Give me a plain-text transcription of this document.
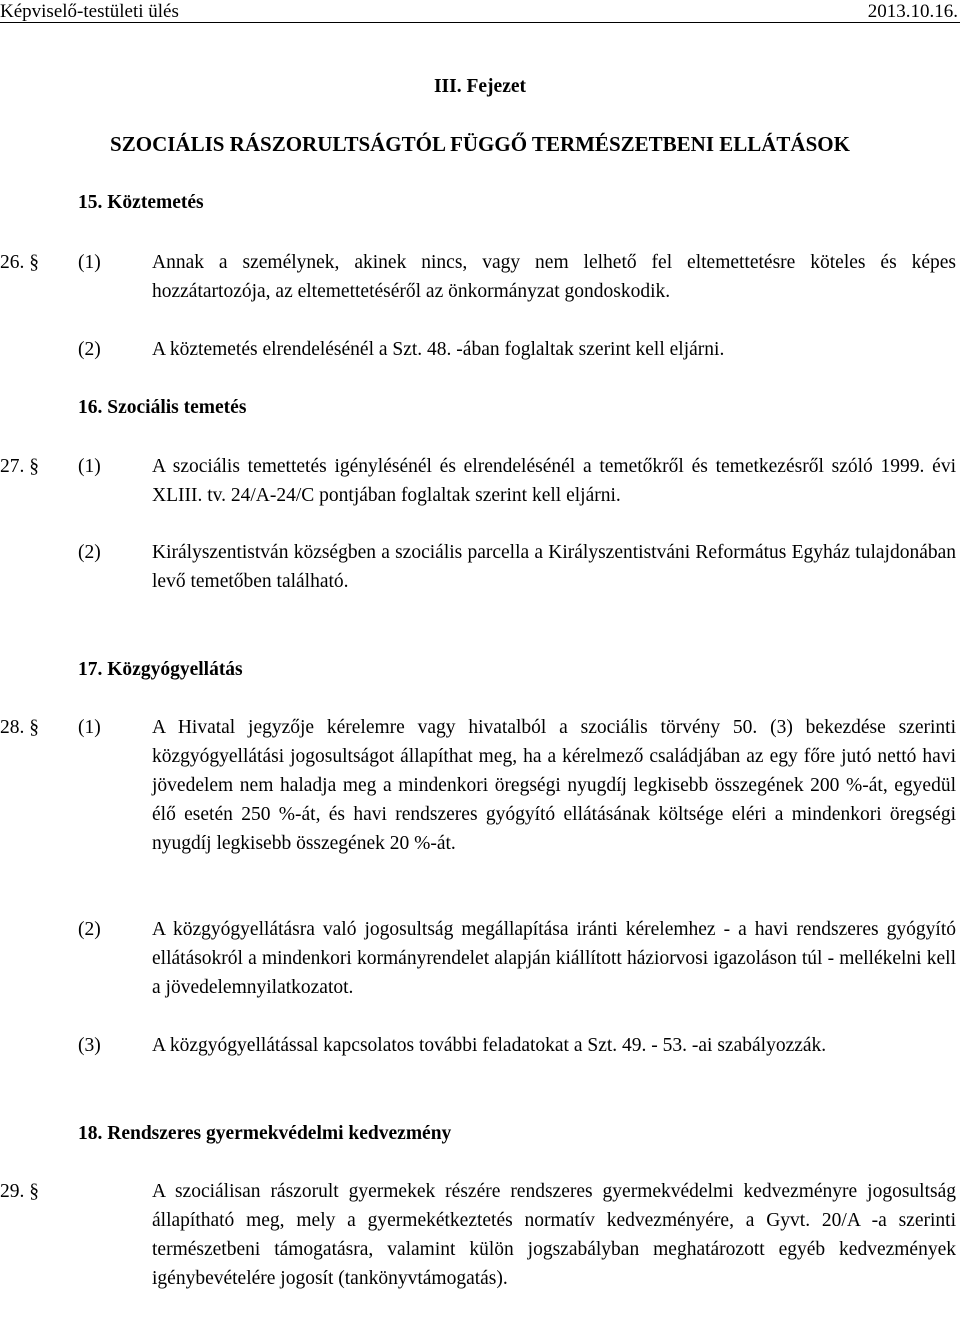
Képviselő-testületi ülés	2013.10.16.
III. Fejezet
SZOCIÁLIS RÁSZORULTSÁGTÓL FÜGGŐ TERMÉSZETBENI ELLÁTÁSOK
15. Köztemetés
26. § (1)	Annak a személynek, akinek nincs, vagy nem lelhető fel eltemettetésre köteles és képes hozzátartozója, az eltemettetéséről az önkormányzat gondoskodik.
(2)	A köztemetés elrendelésénél a Szt. 48. -ában foglaltak szerint kell eljárni.
16. Szociális temetés
27. § (1)	A szociális temettetés igénylésénél és elrendelésénél a temetőkről és temetkezésről szóló 1999. évi XLIII. tv. 24/A-24/C pontjában foglaltak szerint kell eljárni.
(2)	Királyszentistván községben a szociális parcella a Királyszentistváni Református Egyház tulajdonában levő temetőben található.
17. Közgyógyellátás
28. § (1)	A Hivatal jegyzője kérelemre vagy hivatalból a szociális törvény 50. (3) bekezdése szerinti közgyógyellátási jogosultságot állapíthat meg, ha a kérelmező családjában az egy főre jutó nettó havi jövedelem nem haladja meg a mindenkori öregségi nyugdíj legkisebb összegének 200 %-át, egyedül élő esetén 250 %-át, és havi rendszeres gyógyító ellátásának költsége eléri a mindenkori öregségi nyugdíj legkisebb összegének 20 %-át.
(2)	A közgyógyellátásra való jogosultság megállapítása iránti kérelemhez - a havi rendszeres gyógyító ellátásokról a mindenkori kormányrendelet alapján kiállított háziorvosi igazoláson túl - mellékelni kell a jövedelemnyilatkozatot.
(3)	A közgyógyellátással kapcsolatos további feladatokat a Szt. 49. - 53. -ai szabályozzák.
18. Rendszeres gyermekvédelmi kedvezmény
29. §	A szociálisan rászorult gyermekek részére rendszeres gyermekvédelmi kedvezményre jogosultság állapítható meg, mely a gyermekétkeztetés normatív kedvezményére, a Gyvt. 20/A -a szerinti természetbeni támogatásra, valamint külön jogszabályban meghatározott egyéb kedvezmények igénybevételére jogosít (tankönyvtámogatás).
